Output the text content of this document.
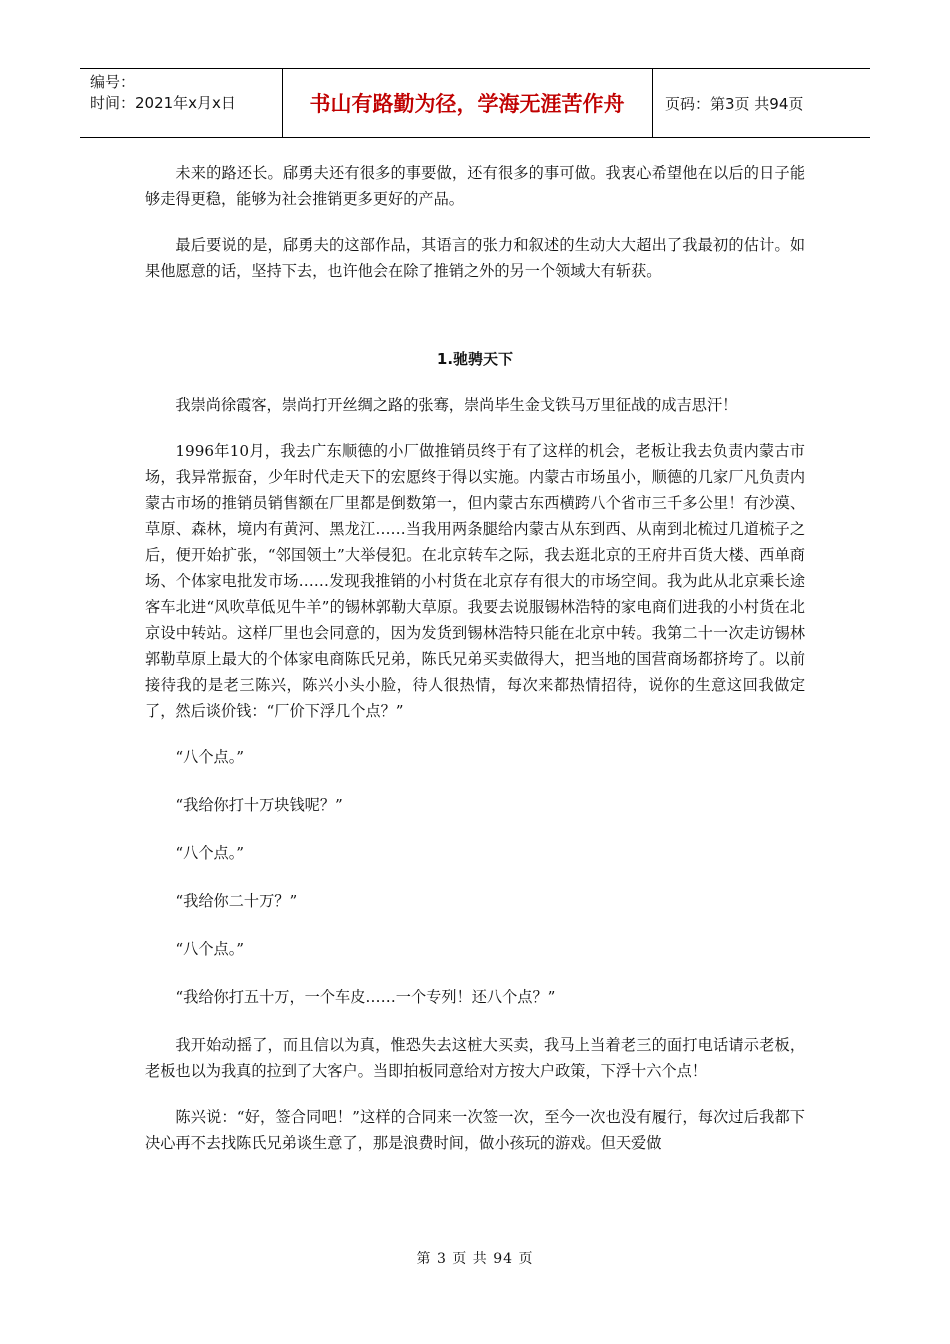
编号：
时间：2021年x月x日	书山有路勤为径，学海无涯苦作舟	页码：第3页 共94页

未来的路还长。郈勇夫还有很多的事要做，还有很多的事可做。我衷心希望他在以后的日子能够走得更稳，能够为社会推销更多更好的产品。

最后要说的是，郈勇夫的这部作品，其语言的张力和叙述的生动大大超出了我最初的估计。如果他愿意的话，坚持下去，也许他会在除了推销之外的另一个领域大有斩获。

1.驰骋天下

我崇尚徐霞客，崇尚打开丝绸之路的张骞，崇尚毕生金戈铁马万里征战的成吉思汗！

1996年10月，我去广东顺德的小厂做推销员终于有了这样的机会，老板让我去负责内蒙古市场，我异常振奋，少年时代走天下的宏愿终于得以实施。内蒙古市场虽小，顺德的几家厂凡负责内蒙古市场的推销员销售额在厂里都是倒数第一，但内蒙古东西横跨八个省市三千多公里！有沙漠、草原、森林，境内有黄河、黑龙江……当我用两条腿给内蒙古从东到西、从南到北梳过几道梳子之后，便开始扩张，“邻国领土”大举侵犯。在北京转车之际，我去逛北京的王府井百货大楼、西单商场、个体家电批发市场……发现我推销的小村货在北京存有很大的市场空间。我为此从北京乘长途客车北进“风吹草低见牛羊”的锡林郭勒大草原。我要去说服锡林浩特的家电商们进我的小村货在北京设中转站。这样厂里也会同意的，因为发货到锡林浩特只能在北京中转。我第二十一次走访锡林郭勒草原上最大的个体家电商陈氏兄弟，陈氏兄弟买卖做得大，把当地的国营商场都挤垮了。以前接待我的是老三陈兴，陈兴小头小脸，待人很热情，每次来都热情招待，说你的生意这回我做定了，然后谈价钱：“厂价下浮几个点？”

“八个点。”

“我给你打十万块钱呢？”

“八个点。”

“我给你二十万？”

“八个点。”

“我给你打五十万，一个车皮……一个专列！还八个点？”

我开始动摇了，而且信以为真，惟恐失去这桩大买卖，我马上当着老三的面打电话请示老板，老板也以为我真的拉到了大客户。当即拍板同意给对方按大户政策，下浮十六个点！

陈兴说：“好，签合同吧！”这样的合同来一次签一次，至今一次也没有履行，每次过后我都下决心再不去找陈氏兄弟谈生意了，那是浪费时间，做小孩玩的游戏。但天爱做

第 3 页 共 94 页
